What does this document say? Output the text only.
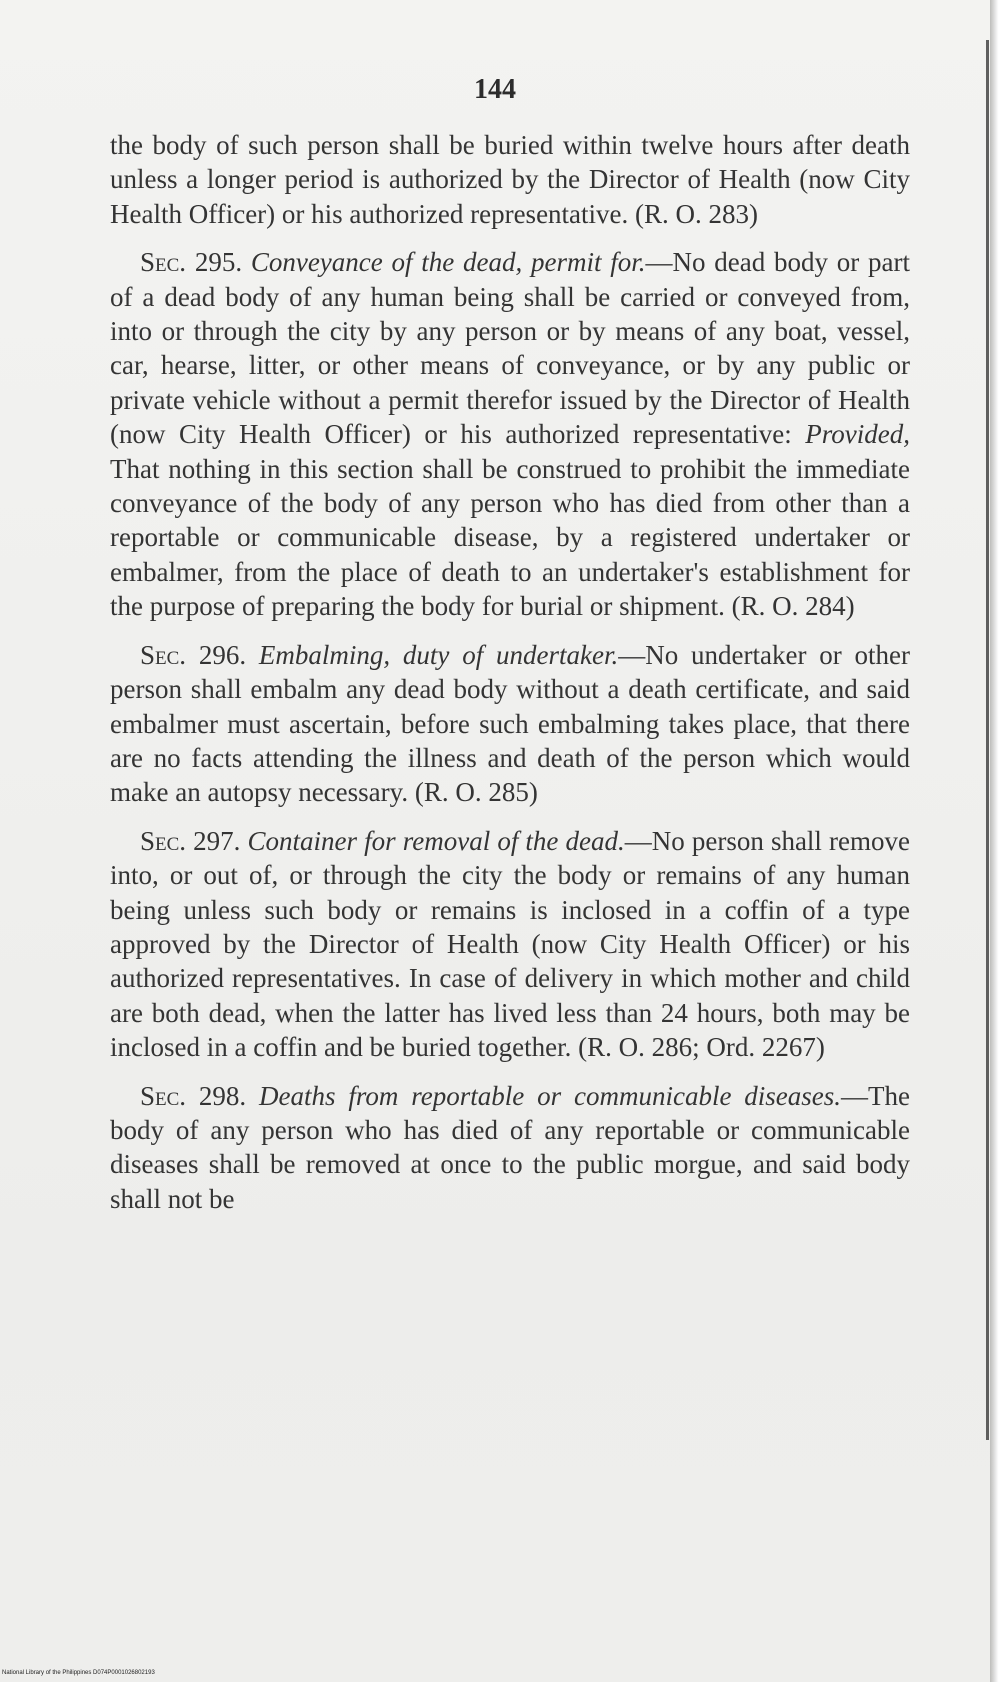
144

the body of such person shall be buried within twelve hours after death unless a longer period is authorized by the Director of Health (now City Health Officer) or his authorized representative. (R. O. 283)

Sec. 295. Conveyance of the dead, permit for.—No dead body or part of a dead body of any human being shall be carried or conveyed from, into or through the city by any person or by means of any boat, vessel, car, hearse, litter, or other means of conveyance, or by any public or private vehicle without a permit therefor issued by the Director of Health (now City Health Officer) or his authorized representative: Provided, That nothing in this section shall be construed to prohibit the immediate conveyance of the body of any person who has died from other than a reportable or communicable disease, by a registered undertaker or embalmer, from the place of death to an undertaker's establishment for the purpose of preparing the body for burial or shipment. (R. O. 284)

Sec. 296. Embalming, duty of undertaker.—No undertaker or other person shall embalm any dead body without a death certificate, and said embalmer must ascertain, before such embalming takes place, that there are no facts attending the illness and death of the person which would make an autopsy necessary. (R. O. 285)

Sec. 297. Container for removal of the dead.—No person shall remove into, or out of, or through the city the body or remains of any human being unless such body or remains is inclosed in a coffin of a type approved by the Director of Health (now City Health Officer) or his authorized representatives. In case of delivery in which mother and child are both dead, when the latter has lived less than 24 hours, both may be inclosed in a coffin and be buried together. (R. O. 286; Ord. 2267)

Sec. 298. Deaths from reportable or communicable diseases.—The body of any person who has died of any reportable or communicable diseases shall be removed at once to the public morgue, and said body shall not be

National Library of the Philippines D074P0001026802193
